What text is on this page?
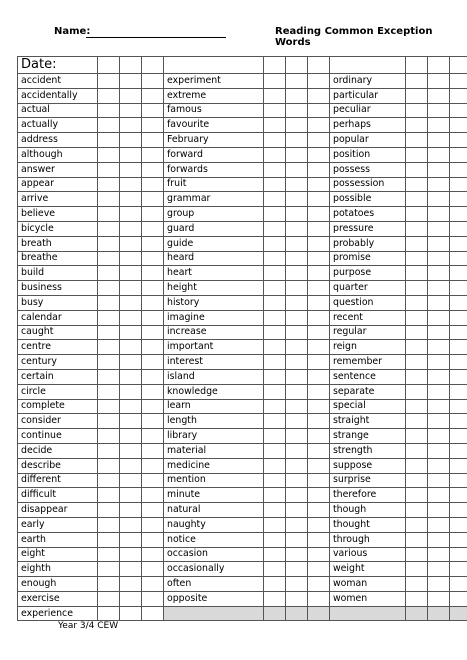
Name:	Reading Common Exception Words
Date:											
accident				experiment				ordinary			
accidentally				extreme				particular			
actual				famous				peculiar			
actually				favourite				perhaps			
address				February				popular			
although				forward				position			
answer				forwards				possess			
appear				fruit				possession			
arrive				grammar				possible			
believe				group				potatoes			
bicycle				guard				pressure			
breath				guide				probably			
breathe				heard				promise			
build				heart				purpose			
business				height				quarter			
busy				history				question			
calendar				imagine				recent			
caught				increase				regular			
centre				important				reign			
century				interest				remember			
certain				island				sentence			
circle				knowledge				separate			
complete				learn				special			
consider				length				straight			
continue				library				strange			
decide				material				strength			
describe				medicine				suppose			
different				mention				surprise			
difficult				minute				therefore			
disappear				natural				though			
early				naughty				thought			
earth				notice				through			
eight				occasion				various			
eighth				occasionally				weight			
enough				often				woman			
exercise				opposite				women			
experience											
Year 3/4 CEW
